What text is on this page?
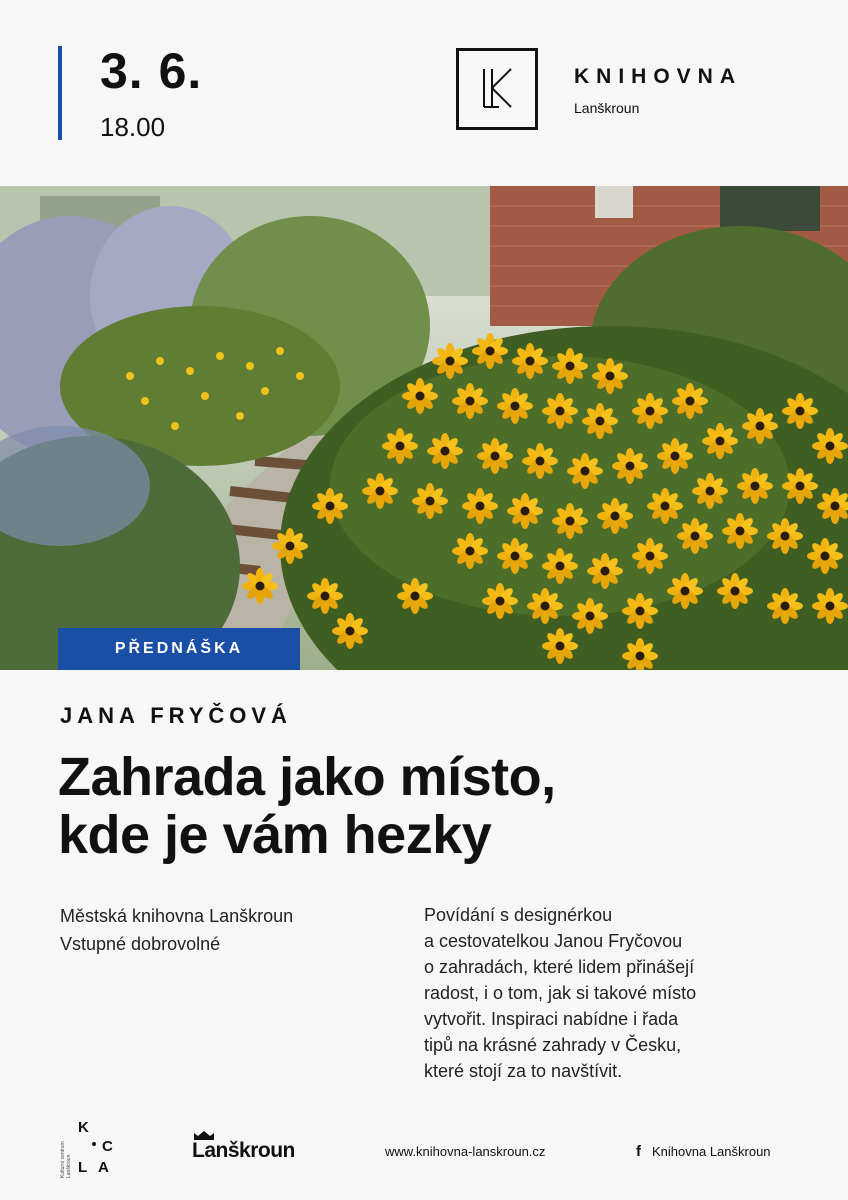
3. 6.
18.00
KNIHOVNA
Lanškroun
PŘEDNÁŠKA
JANA FRYČOVÁ
Zahrada jako místo,
kde je vám hezky
Městská knihovna Lanškroun
Vstupné dobrovolné
Povídání s designérkou
a cestovatelkou Janou Fryčovou
o zahradách, které lidem přinášejí
radost, i o tom, jak si takové místo
vytvořit. Inspiraci nabídne i řada
tipů na krásné zahrady v Česku,
které stojí za to navštívit.
Kulturní centrum Lanškroun
K
C
L A
Lanškroun	www.knihovna-lanskroun.cz	f Knihovna Lanškroun
